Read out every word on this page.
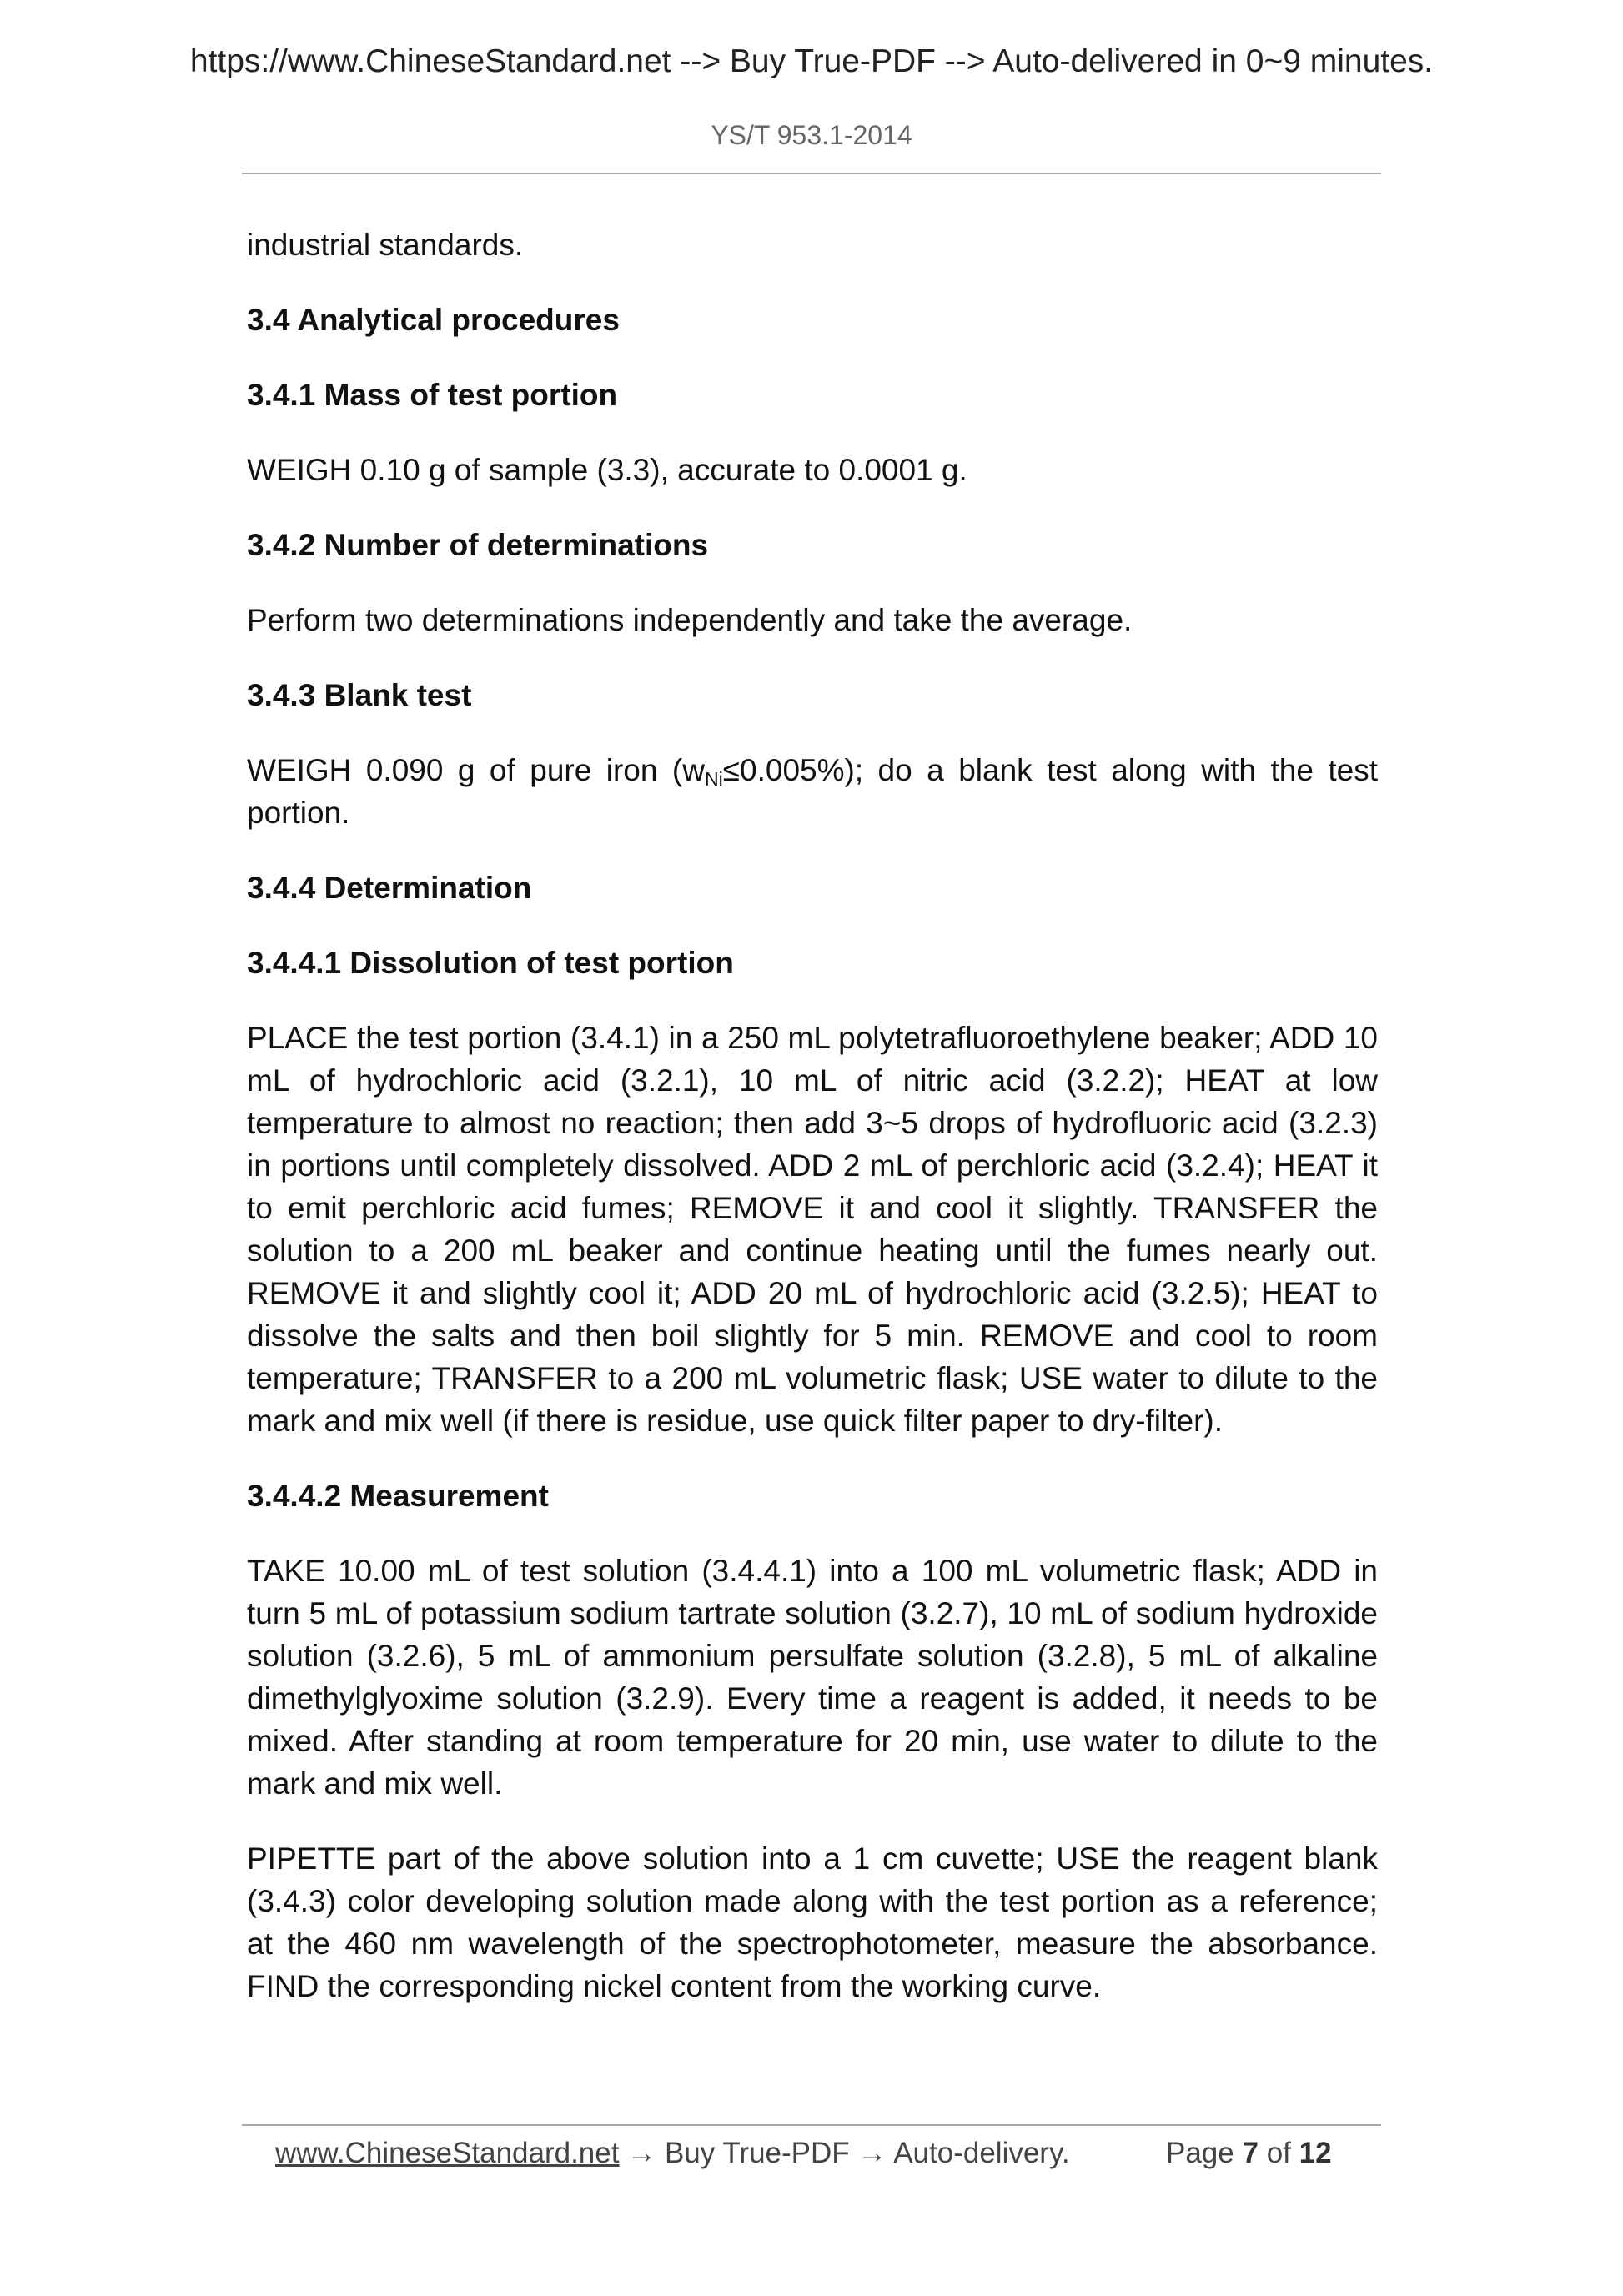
https://www.ChineseStandard.net --> Buy True-PDF --> Auto-delivered in 0~9 minutes.
YS/T 953.1-2014

industrial standards.

3.4 Analytical procedures

3.4.1 Mass of test portion

WEIGH 0.10 g of sample (3.3), accurate to 0.0001 g.

3.4.2 Number of determinations

Perform two determinations independently and take the average.

3.4.3 Blank test

WEIGH 0.090 g of pure iron $(w_{Ni}\le 0.005\%)$; do a blank test along with the test portion.

3.4.4 Determination

3.4.4.1 Dissolution of test portion

PLACE the test portion (3.4.1) in a 250 mL polytetrafluoroethylene beaker; ADD 10 mL of hydrochloric acid (3.2.1), 10 mL of nitric acid (3.2.2); HEAT at low temperature to almost no reaction; then add 3~5 drops of hydrofluoric acid (3.2.3) in portions until completely dissolved. ADD 2 mL of perchloric acid (3.2.4); HEAT it to emit perchloric acid fumes; REMOVE it and cool it slightly. TRANSFER the solution to a 200 mL beaker and continue heating until the fumes nearly out. REMOVE it and slightly cool it; ADD 20 mL of hydrochloric acid (3.2.5); HEAT to dissolve the salts and then boil slightly for 5 min. REMOVE and cool to room temperature; TRANSFER to a 200 mL volumetric flask; USE water to dilute to the mark and mix well (if there is residue, use quick filter paper to dry-filter).

3.4.4.2 Measurement

TAKE 10.00 mL of test solution (3.4.4.1) into a 100 mL volumetric flask; ADD in turn 5 mL of potassium sodium tartrate solution (3.2.7), 10 mL of sodium hydroxide solution (3.2.6), 5 mL of ammonium persulfate solution (3.2.8), 5 mL of alkaline dimethylglyoxime solution (3.2.9). Every time a reagent is added, it needs to be mixed. After standing at room temperature for 20 min, use water to dilute to the mark and mix well.

PIPETTE part of the above solution into a 1 cm cuvette; USE the reagent blank (3.4.3) color developing solution made along with the test portion as a reference; at the 460 nm wavelength of the spectrophotometer, measure the absorbance. FIND the corresponding nickel content from the working curve.

www.ChineseStandard.net → Buy True-PDF → Auto-delivery.	Page 7 of 12
